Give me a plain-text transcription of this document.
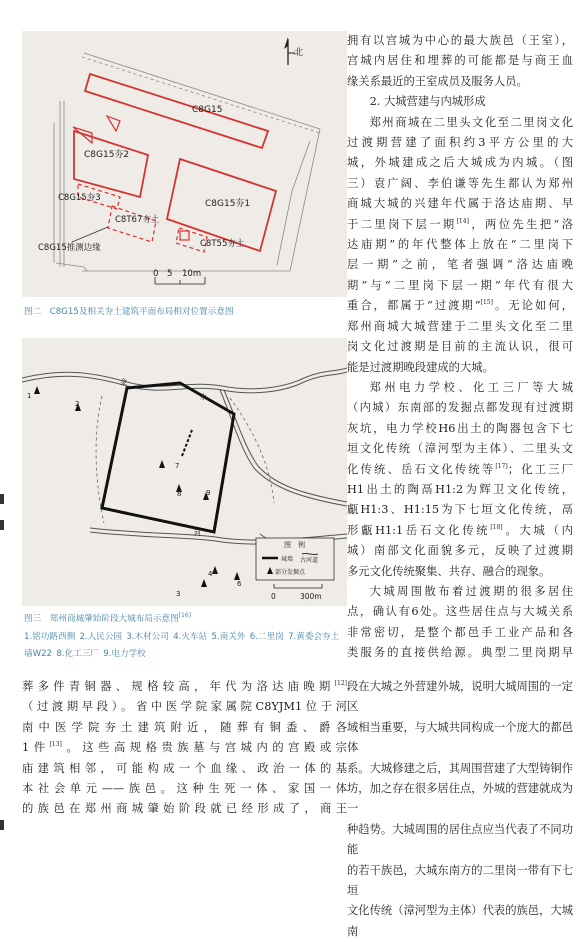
北
C8G15
C8G15夯2
C8G15夯3
C8G15夯1
C8T67夯土
C8T55夯土
C8G15推测边缘
0 5 10m
图二　C8G15及相关夯土建筑平面布局相对位置示意图
1
2
7
8	9
3
4
6
金
水
河
图　例
城墙 古河道
部分发掘点
0	300m
图三　郑州商城肇始阶段大城布局示意图[16]
1.铭功路西侧  2.人民公园  3.木材公司  4.火车站  5.南关外  6.二里岗  7.黄委会夯土墙W22  8.化工三厂  9.电力学校

葬多件青铜器、规格较高，年代为洛达庙晚期[12]

（过渡期早段）。省中医学院家属院C8YJM1位于河

南中医学院夯土建筑附近，随葬有铜盉、爵各

1件[13]。这些高规格贵族墓与宫城内的宫殿或宗

庙建筑相邻，可能构成一个血缘、政治一体的基

本社会单元——族邑。这种生死一体、家国一体

的族邑在郑州商城肇始阶段就已经形成了，商王

拥有以宫城为中心的最大族邑（王室），

宫城内居住和埋葬的可能都是与商王血

缘关系最近的王室成员及服务人员。

2. 大城营建与内城形成

郑州商城在二里头文化至二里岗文化

过渡期营建了面积约3平方公里的大

城，外城建成之后大城成为内城。（图

三）袁广阔、李伯谦等先生都认为郑州

商城大城的兴建年代属于洛达庙期、早

于二里岗下层一期[14]，两位先生把“洛

达庙期”的年代整体上放在“二里岗下

层一期”之前，笔者强调“洛达庙晚

期”与“二里岗下层一期”年代有很大

重合，都属于“过渡期”[15]。无论如何，

郑州商城大城营建于二里头文化至二里

岗文化过渡期是目前的主流认识，很可

能是过渡期晚段建成的大城。

郑州电力学校、化工三厂等大城

（内城）东南部的发掘点都发现有过渡期

灰坑，电力学校H6出土的陶器包含下七

垣文化传统（漳河型为主体）、二里头文

化传统、岳石文化传统等[17]；化工三厂

H1出土的陶鬲H1:2为辉卫文化传统，

甗H1:3、H1:15为下七垣文化传统，鬲

形甗H1:1岳石文化传统[18]。大城（内

城）南部文化面貌多元，反映了过渡期

多元文化传统聚集、共存、融合的现象。

大城周围散布着过渡期的很多居住

点，确认有6处。这些居住点与大城关系

非常密切，是整个都邑手工业产品和各

类服务的直接供给源。典型二里岗期早

段在大城之外营建外城，说明大城周围的一定区

域相当重要，与大城共同构成一个庞大的都邑体

系。大城修建之后，其周围营建了大型铸铜作

坊，加之存在很多居住点，外城的营建就成为一

种趋势。大城周围的居住点应当代表了不同功能

的若干族邑，大城东南方的二里岗一带有下七垣

文化传统（漳河型为主体）代表的族邑，大城南
